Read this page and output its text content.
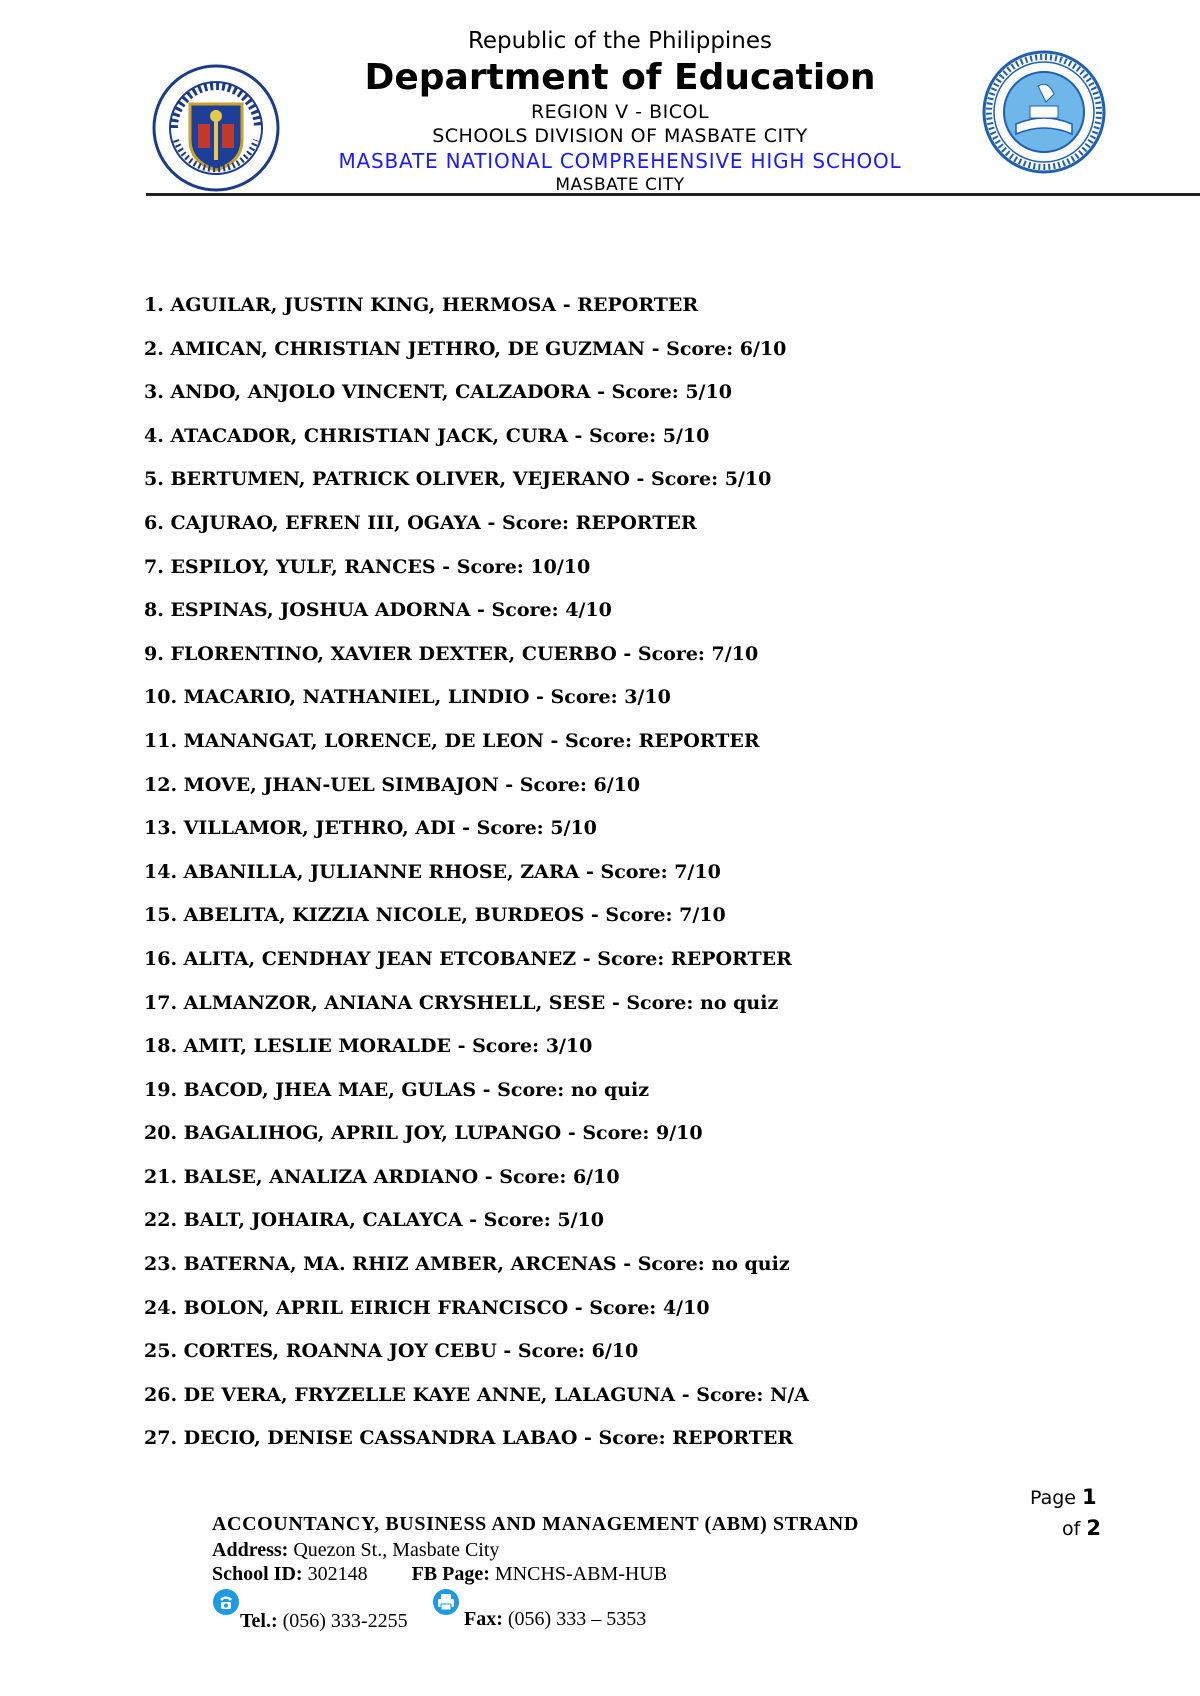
Republic of the Philippines
Department of Education
REGION V - BICOL
SCHOOLS DIVISION OF MASBATE CITY
MASBATE NATIONAL COMPREHENSIVE HIGH SCHOOL
MASBATE CITY
1. AGUILAR, JUSTIN KING, HERMOSA - REPORTER
2. AMICAN, CHRISTIAN JETHRO, DE GUZMAN - Score: 6/10
3. ANDO, ANJOLO VINCENT, CALZADORA - Score: 5/10
4. ATACADOR, CHRISTIAN JACK, CURA - Score: 5/10
5. BERTUMEN, PATRICK OLIVER, VEJERANO - Score: 5/10
6. CAJURAO, EFREN III, OGAYA - Score: REPORTER
7. ESPILOY, YULF, RANCES - Score: 10/10
8. ESPINAS, JOSHUA ADORNA - Score: 4/10
9. FLORENTINO, XAVIER DEXTER, CUERBO - Score: 7/10
10. MACARIO, NATHANIEL, LINDIO - Score: 3/10
11. MANANGAT, LORENCE, DE LEON - Score: REPORTER
12. MOVE, JHAN-UEL SIMBAJON - Score: 6/10
13. VILLAMOR, JETHRO, ADI - Score: 5/10
14. ABANILLA, JULIANNE RHOSE, ZARA - Score: 7/10
15. ABELITA, KIZZIA NICOLE, BURDEOS - Score: 7/10
16. ALITA, CENDHAY JEAN ETCOBANEZ - Score: REPORTER
17. ALMANZOR, ANIANA CRYSHELL, SESE - Score: no quiz
18. AMIT, LESLIE MORALDE - Score: 3/10
19. BACOD, JHEA MAE, GULAS - Score: no quiz
20. BAGALIHOG, APRIL JOY, LUPANGO - Score: 9/10
21. BALSE, ANALIZA ARDIANO - Score: 6/10
22. BALT, JOHAIRA, CALAYCA - Score: 5/10
23. BATERNA, MA. RHIZ AMBER, ARCENAS - Score: no quiz
24. BOLON, APRIL EIRICH FRANCISCO - Score: 4/10
25. CORTES, ROANNA JOY CEBU - Score: 6/10
26. DE VERA, FRYZELLE KAYE ANNE, LALAGUNA - Score: N/A
27. DECIO, DENISE CASSANDRA LABAO - Score: REPORTER
Page 1
of 2
ACCOUNTANCY, BUSINESS AND MANAGEMENT (ABM) STRAND
Address: Quezon St., Masbate City
School ID: 302148 FB Page: MNCHS-ABM-HUB
Tel.: (056) 333-2255	Fax: (056) 333 – 5353
